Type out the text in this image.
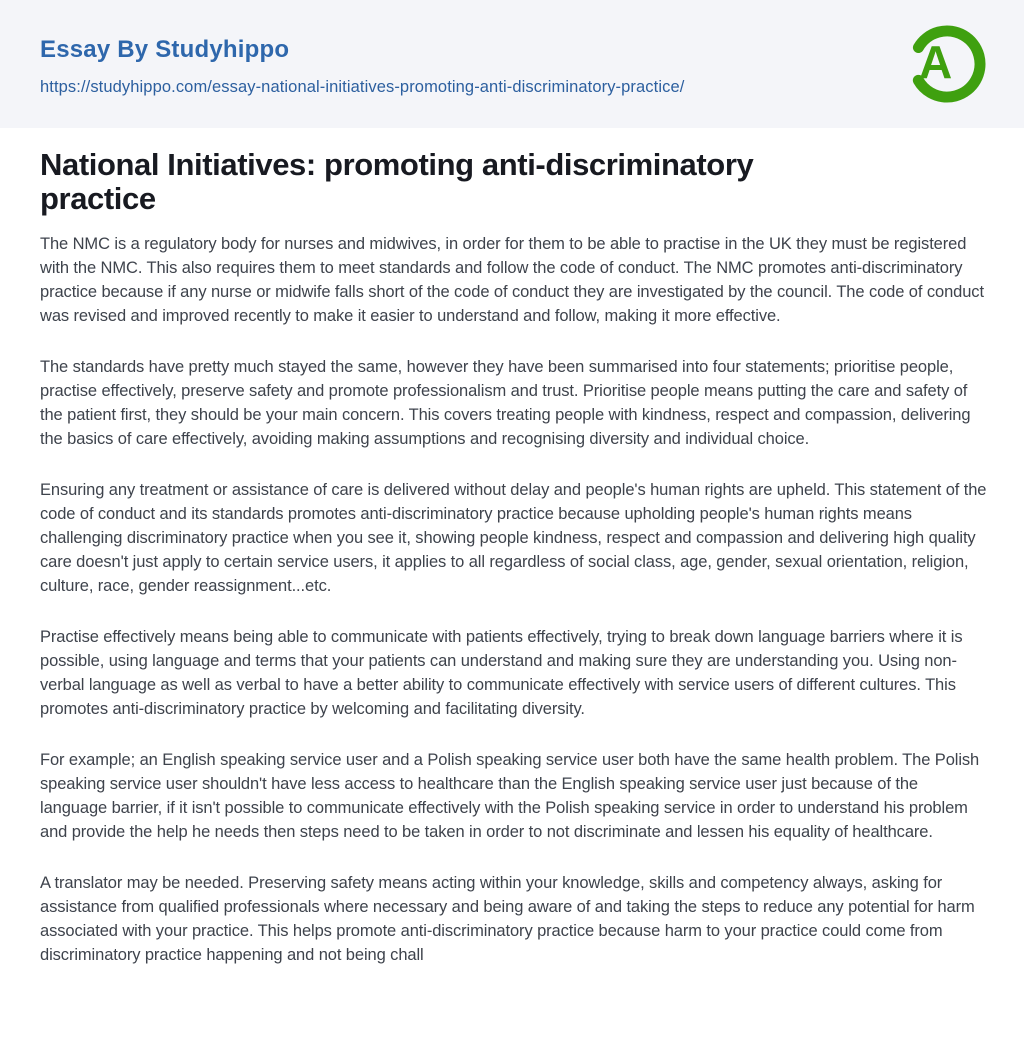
Essay By Studyhippo
https://studyhippo.com/essay-national-initiatives-promoting-anti-discriminatory-practice/	A
National Initiatives: promoting anti-discriminatory practice

The NMC is a regulatory body for nurses and midwives, in order for them to be able to practise in the UK they must be registered with the NMC. This also requires them to meet standards and follow the code of conduct. The NMC promotes anti-discriminatory practice because if any nurse or midwife falls short of the code of conduct they are investigated by the council. The code of conduct was revised and improved recently to make it easier to understand and follow, making it more effective.

The standards have pretty much stayed the same, however they have been summarised into four statements; prioritise people, practise effectively, preserve safety and promote professionalism and trust. Prioritise people means putting the care and safety of the patient first, they should be your main concern. This covers treating people with kindness, respect and compassion, delivering the basics of care effectively, avoiding making assumptions and recognising diversity and individual choice.

Ensuring any treatment or assistance of care is delivered without delay and people's human rights are upheld. This statement of the code of conduct and its standards promotes anti-discriminatory practice because upholding people's human rights means challenging discriminatory practice when you see it, showing people kindness, respect and compassion and delivering high quality care doesn't just apply to certain service users, it applies to all regardless of social class, age, gender, sexual orientation, religion, culture, race, gender reassignment...etc.

Practise effectively means being able to communicate with patients effectively, trying to break down language barriers where it is possible, using language and terms that your patients can understand and making sure they are understanding you. Using non-verbal language as well as verbal to have a better ability to communicate effectively with service users of different cultures. This promotes anti-discriminatory practice by welcoming and facilitating diversity.

For example; an English speaking service user and a Polish speaking service user both have the same health problem. The Polish speaking service user shouldn't have less access to healthcare than the English speaking service user just because of the language barrier, if it isn't possible to communicate effectively with the Polish speaking service in order to understand his problem and provide the help he needs then steps need to be taken in order to not discriminate and lessen his equality of healthcare.

A translator may be needed. Preserving safety means acting within your knowledge, skills and competency always, asking for assistance from qualified professionals where necessary and being aware of and taking the steps to reduce any potential for harm associated with your practice. This helps promote anti-discriminatory practice because harm to your practice could come from discriminatory practice happening and not being chall
